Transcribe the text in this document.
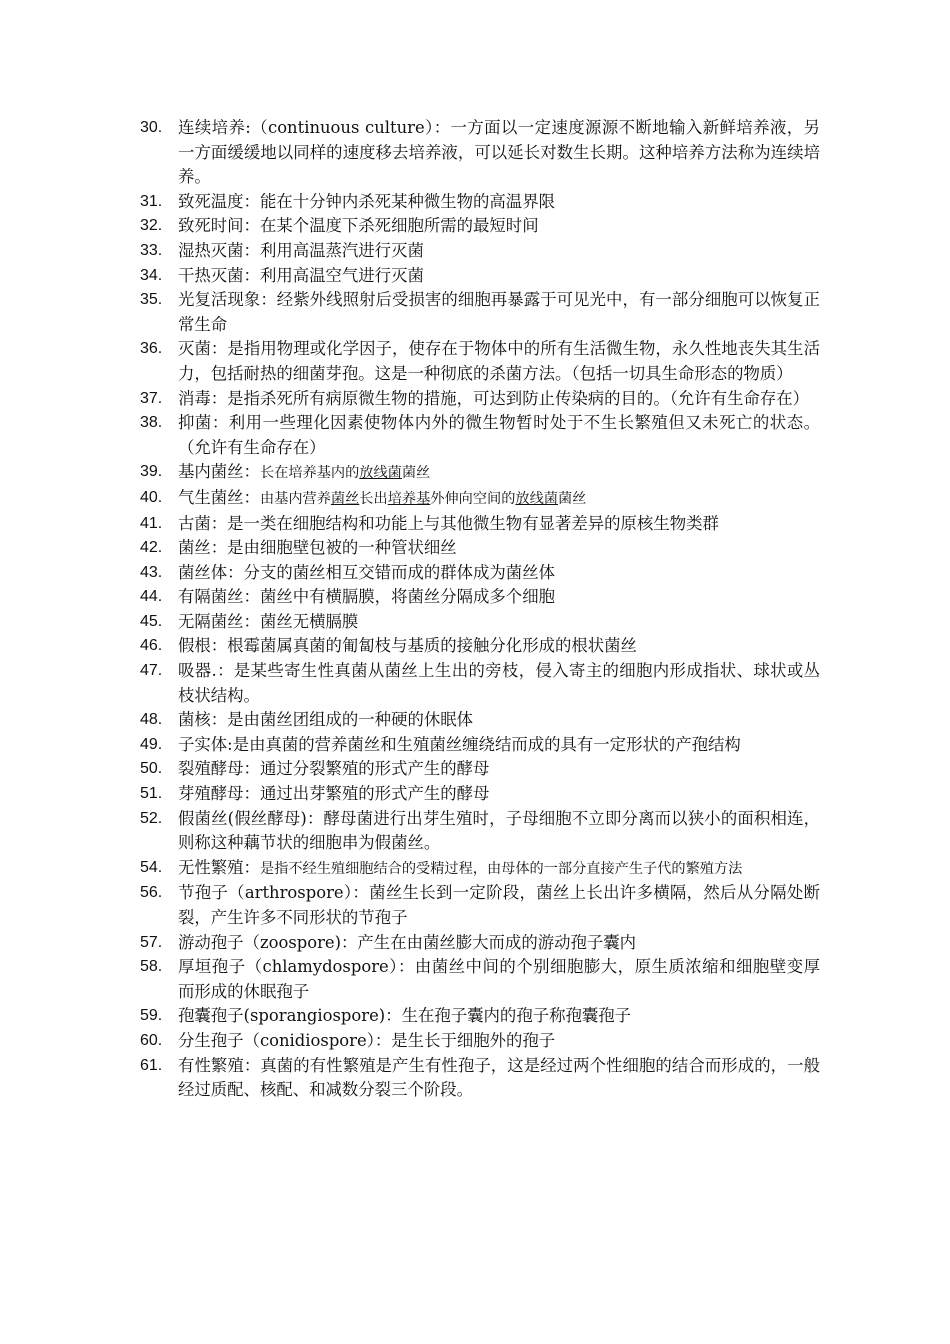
30. 连续培养:（continuous culture）：一方面以一定速度源源不断地输入新鲜培养液，另一方面缓缓地以同样的速度移去培养液，可以延长对数生长期。这种培养方法称为连续培养。
31. 致死温度：能在十分钟内杀死某种微生物的高温界限
32. 致死时间：在某个温度下杀死细胞所需的最短时间
33. 湿热灭菌：利用高温蒸汽进行灭菌
34. 干热灭菌：利用高温空气进行灭菌
35. 光复活现象：经紫外线照射后受损害的细胞再暴露于可见光中，有一部分细胞可以恢复正常生命
36. 灭菌：是指用物理或化学因子，使存在于物体中的所有生活微生物，永久性地丧失其生活力，包括耐热的细菌芽孢。这是一种彻底的杀菌方法。（包括一切具生命形态的物质）
37. 消毒：是指杀死所有病原微生物的措施，可达到防止传染病的目的。（允许有生命存在）
38. 抑菌：利用一些理化因素使物体内外的微生物暂时处于不生长繁殖但又未死亡的状态。 （允许有生命存在）
39. 基内菌丝：长在培养基内的放线菌菌丝
40. 气生菌丝：由基内营养菌丝长出培养基外伸向空间的放线菌菌丝
41. 古菌：是一类在细胞结构和功能上与其他微生物有显著差异的原核生物类群
42. 菌丝：是由细胞壁包被的一种管状细丝
43. 菌丝体：分支的菌丝相互交错而成的群体成为菌丝体
44. 有隔菌丝：菌丝中有横膈膜，将菌丝分隔成多个细胞
45. 无隔菌丝：菌丝无横膈膜
46. 假根：根霉菌属真菌的匍匐枝与基质的接触分化形成的根状菌丝
47. 吸器.：是某些寄生性真菌从菌丝上生出的旁枝，侵入寄主的细胞内形成指状、球状或丛枝状结构。
48. 菌核：是由菌丝团组成的一种硬的休眠体
49. 子实体:是由真菌的营养菌丝和生殖菌丝缠绕结而成的具有一定形状的产孢结构
50. 裂殖酵母：通过分裂繁殖的形式产生的酵母
51. 芽殖酵母：通过出芽繁殖的形式产生的酵母
52. 假菌丝(假丝酵母)：酵母菌进行出芽生殖时，子母细胞不立即分离而以狭小的面积相连，则称这种藕节状的细胞串为假菌丝。
54. 无性繁殖：是指不经生殖细胞结合的受精过程，由母体的一部分直接产生子代的繁殖方法
56. 节孢子（arthrospore）：菌丝生长到一定阶段，菌丝上长出许多横隔，然后从分隔处断裂，产生许多不同形状的节孢子
57. 游动孢子（zoospore)：产生在由菌丝膨大而成的游动孢子囊内
58. 厚垣孢子（chlamydospore）：由菌丝中间的个别细胞膨大，原生质浓缩和细胞壁变厚而形成的休眠孢子
59. 孢囊孢子(sporangiospore)：生在孢子囊内的孢子称孢囊孢子
60. 分生孢子（conidiospore）：是生长于细胞外的孢子
61. 有性繁殖：真菌的有性繁殖是产生有性孢子，这是经过两个性细胞的结合而形成的，一般经过质配、核配、和减数分裂三个阶段。
